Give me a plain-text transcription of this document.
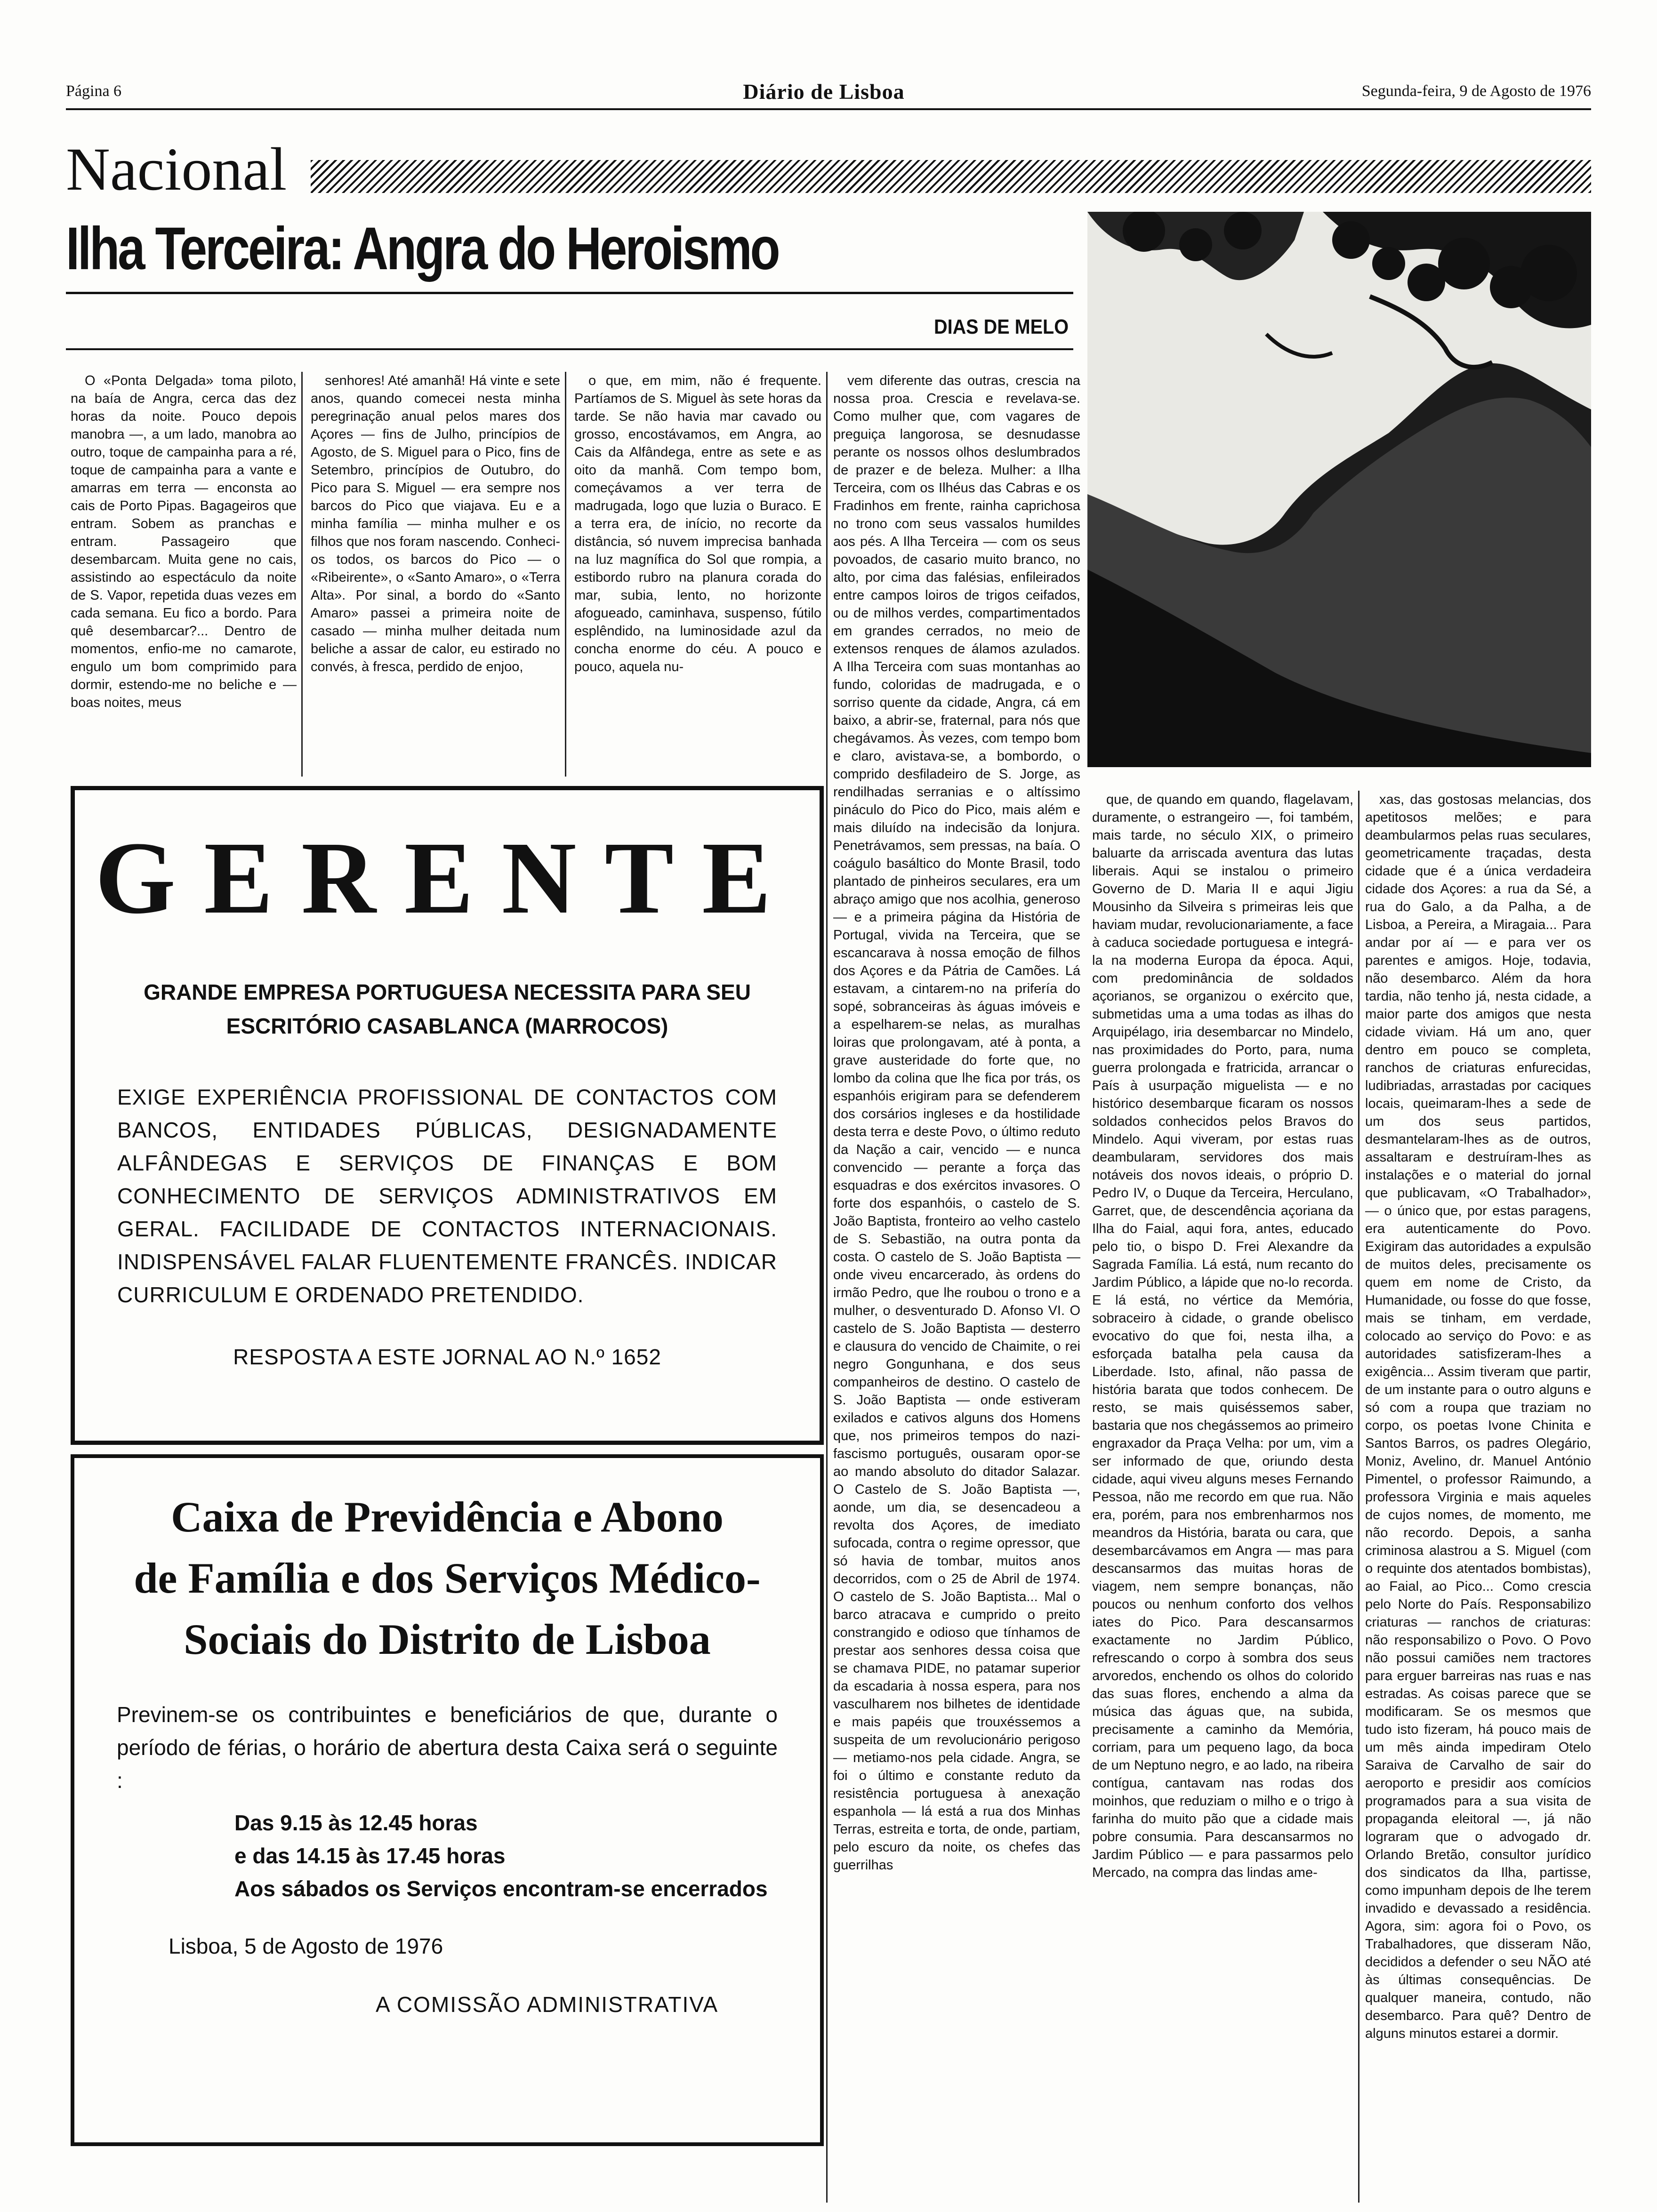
Página 6	Diário de Lisboa	Segunda-feira, 9 de Agosto de 1976
Nacional
Ilha Terceira: Angra do Heroismo
DIAS DE MELO

O «Ponta Delgada» toma piloto, na baía de Angra, cerca das dez horas da noite. Pouco depois manobra —, a um lado, manobra ao outro, toque de campainha para a ré, toque de campainha para a vante e amarras em terra — enconsta ao cais de Porto Pipas. Bagageiros que entram. Sobem as pranchas e entram. Passageiro que desembarcam. Muita gene no cais, assistindo ao espectáculo da noite de S. Vapor, repetida duas vezes em cada semana. Eu fico a bordo. Para quê desembarcar?... Dentro de momentos, enfio-me no camarote, engulo um bom comprimido para dormir, estendo-me no beliche e — boas noites, meus

senhores! Até amanhã! Há vinte e sete anos, quando comecei nesta minha peregrinação anual pelos mares dos Açores — fins de Julho, princípios de Agosto, de S. Miguel para o Pico, fins de Setembro, princípios de Outubro, do Pico para S. Miguel — era sempre nos barcos do Pico que viajava. Eu e a minha família — minha mulher e os filhos que nos foram nascendo. Conheci-os todos, os barcos do Pico — o «Ribeirente», o «Santo Amaro», o «Terra Alta». Por sinal, a bordo do «Santo Amaro» passei a primeira noite de casado — minha mulher deitada num beliche a assar de calor, eu estirado no convés, à fresca, perdido de enjoo,

o que, em mim, não é frequente. Partíamos de S. Miguel às sete horas da tarde. Se não havia mar cavado ou grosso, encostávamos, em Angra, ao Cais da Alfândega, entre as sete e as oito da manhã. Com tempo bom, começávamos a ver terra de madrugada, logo que luzia o Buraco. E a terra era, de início, no recorte da distância, só nuvem imprecisa banhada na luz magnífica do Sol que rompia, a estibordo rubro na planura corada do mar, subia, lento, no horizonte afogueado, caminhava, suspenso, fútilo esplêndido, na luminosidade azul da concha enorme do céu. A pouco e pouco, aquela nu-

vem diferente das outras, crescia na nossa proa. Crescia e revelava-se. Como mulher que, com vagares de preguiça langorosa, se desnudasse perante os nossos olhos deslumbrados de prazer e de beleza. Mulher: a Ilha Terceira, com os Ilhéus das Cabras e os Fradinhos em frente, rainha caprichosa no trono com seus vassalos humildes aos pés. A Ilha Terceira — com os seus povoados, de casario muito branco, no alto, por cima das falésias, enfileirados entre campos loiros de trigos ceifados, ou de milhos verdes, compartimentados em grandes cerrados, no meio de extensos renques de álamos azulados. A Ilha Terceira com suas montanhas ao fundo, coloridas de madrugada, e o sorriso quente da cidade, Angra, cá em baixo, a abrir-se, fraternal, para nós que chegávamos. Às vezes, com tempo bom e claro, avistava-se, a bombordo, o comprido desfiladeiro de S. Jorge, as rendilhadas serranias e o altíssimo pináculo do Pico do Pico, mais além e mais diluído na indecisão da lonjura. Penetrávamos, sem pressas, na baía. O coágulo basáltico do Monte Brasil, todo plantado de pinheiros seculares, era um abraço amigo que nos acolhia, generoso — e a primeira página da História de Portugal, vivida na Terceira, que se escancarava à nossa emoção de filhos dos Açores e da Pátria de Camões. Lá estavam, a cintarem-no na prifería do sopé, sobranceiras às águas imóveis e a espelharem-se nelas, as muralhas loiras que prolongavam, até à ponta, a grave austeridade do forte que, no lombo da colina que lhe fica por trás, os espanhóis erigiram para se defenderem dos corsários ingleses e da hostilidade desta terra e deste Povo, o último reduto da Nação a cair, vencido — e nunca convencido — perante a força das esquadras e dos exércitos invasores. O forte dos espanhóis, o castelo de S. João Baptista, fronteiro ao velho castelo de S. Sebastião, na outra ponta da costa. O castelo de S. João Baptista — onde viveu encarcerado, às ordens do irmão Pedro, que lhe roubou o trono e a mulher, o desventurado D. Afonso VI. O castelo de S. João Baptista — desterro e clausura do vencido de Chaimite, o rei negro Gongunhana, e dos seus companheiros de destino. O castelo de S. João Baptista — onde estiveram exilados e cativos alguns dos Homens que, nos primeiros tempos do nazi-fascismo português, ousaram opor-se ao mando absoluto do ditador Salazar. O Castelo de S. João Baptista —, aonde, um dia, se desencadeou a revolta dos Açores, de imediato sufocada, contra o regime opressor, que só havia de tombar, muitos anos decorridos, com o 25 de Abril de 1974. O castelo de S. João Baptista... Mal o barco atracava e cumprido o preito constrangido e odioso que tínhamos de prestar aos senhores dessa coisa que se chamava PIDE, no patamar superior da escadaria à nossa espera, para nos vasculharem nos bilhetes de identidade e mais papéis que trouxéssemos a suspeita de um revolucionário perigoso — metiamo-nos pela cidade. Angra, se foi o último e constante reduto da resistência portuguesa à anexação espanhola — lá está a rua dos Minhas Terras, estreita e torta, de onde, partiam, pelo escuro da noite, os chefes das guerrilhas

que, de quando em quando, flagelavam, duramente, o estrangeiro —, foi também, mais tarde, no século XIX, o primeiro baluarte da arriscada aventura das lutas liberais. Aqui se instalou o primeiro Governo de D. Maria II e aqui Jigiu Mousinho da Silveira s primeiras leis que haviam mudar, revolucionariamente, a face à caduca sociedade portuguesa e integrá-la na moderna Europa da época. Aqui, com predominância de soldados açorianos, se organizou o exército que, submetidas uma a uma todas as ilhas do Arquipélago, iria desembarcar no Mindelo, nas proximidades do Porto, para, numa guerra prolongada e fratricida, arrancar o País à usurpação miguelista — e no histórico desembarque ficaram os nossos soldados conhecidos pelos Bravos do Mindelo. Aqui viveram, por estas ruas deambularam, servidores dos mais notáveis dos novos ideais, o próprio D. Pedro IV, o Duque da Terceira, Herculano, Garret, que, de descendência açoriana da Ilha do Faial, aqui fora, antes, educado pelo tio, o bispo D. Frei Alexandre da Sagrada Família. Lá está, num recanto do Jardim Público, a lápide que no-lo recorda. E lá está, no vértice da Memória, sobraceiro à cidade, o grande obelisco evocativo do que foi, nesta ilha, a esforçada batalha pela causa da Liberdade. Isto, afinal, não passa de história barata que todos conhecem. De resto, se mais quiséssemos saber, bastaria que nos chegássemos ao primeiro engraxador da Praça Velha: por um, vim a ser informado de que, oriundo desta cidade, aqui viveu alguns meses Fernando Pessoa, não me recordo em que rua. Não era, porém, para nos embrenharmos nos meandros da História, barata ou cara, que desembarcávamos em Angra — mas para descansarmos das muitas horas de viagem, nem sempre bonanças, não poucos ou nenhum conforto dos velhos iates do Pico. Para descansarmos exactamente no Jardim Público, refrescando o corpo à sombra dos seus arvoredos, enchendo os olhos do colorido das suas flores, enchendo a alma da música das águas que, na subida, precisamente a caminho da Memória, corriam, para um pequeno lago, da boca de um Neptuno negro, e ao lado, na ribeira contígua, cantavam nas rodas dos moinhos, que reduziam o milho e o trigo à farinha do muito pão que a cidade mais pobre consumia. Para descansarmos no Jardim Público — e para passarmos pelo Mercado, na compra das lindas ame-

xas, das gostosas melancias, dos apetitosos melões; e para deambularmos pelas ruas seculares, geometricamente traçadas, desta cidade que é a única verdadeira cidade dos Açores: a rua da Sé, a rua do Galo, a da Palha, a de Lisboa, a Pereira, a Miragaia... Para andar por aí — e para ver os parentes e amigos. Hoje, todavia, não desembarco. Além da hora tardia, não tenho já, nesta cidade, a maior parte dos amigos que nesta cidade viviam. Há um ano, quer dentro em pouco se completa, ranchos de criaturas enfurecidas, ludibriadas, arrastadas por caciques locais, queimaram-lhes a sede de um dos seus partidos, desmantelaram-lhes as de outros, assaltaram e destruíram-lhes as instalações e o material do jornal que publicavam, «O Trabalhador», — o único que, por estas paragens, era autenticamente do Povo. Exigiram das autoridades a expulsão de muitos deles, precisamente os quem em nome de Cristo, da Humanidade, ou fosse do que fosse, mais se tinham, em verdade, colocado ao serviço do Povo: e as autoridades satisfizeram-lhes a exigência... Assim tiveram que partir, de um instante para o outro alguns e só com a roupa que traziam no corpo, os poetas Ivone Chinita e Santos Barros, os padres Olegário, Moniz, Avelino, dr. Manuel António Pimentel, o professor Raimundo, a professora Virginia e mais aqueles de cujos nomes, de momento, me não recordo. Depois, a sanha criminosa alastrou a S. Miguel (com o requinte dos atentados bombistas), ao Faial, ao Pico... Como crescia pelo Norte do País. Responsabilizo criaturas — ranchos de criaturas: não responsabilizo o Povo. O Povo não possui camiões nem tractores para erguer barreiras nas ruas e nas estradas. As coisas parece que se modificaram. Se os mesmos que tudo isto fizeram, há pouco mais de um mês ainda impediram Otelo Saraiva de Carvalho de sair do aeroporto e presidir aos comícios programados para a sua visita de propaganda eleitoral —, já não lograram que o advogado dr. Orlando Bretão, consultor jurídico dos sindicatos da Ilha, partisse, como impunham depois de lhe terem invadido e devassado a residência. Agora, sim: agora foi o Povo, os Trabalhadores, que disseram Não, decididos a defender o seu NÃO até às últimas consequências. De qualquer maneira, contudo, não desembarco. Para quê? Dentro de alguns minutos estarei a dormir.

GERENTE
GRANDE EMPRESA PORTUGUESA NECESSITA PARA SEU ESCRITÓRIO CASABLANCA (MARROCOS)
EXIGE EXPERIÊNCIA PROFISSIONAL DE CONTACTOS COM BANCOS, ENTIDADES PÚBLICAS, DESIGNADAMENTE ALFÂNDEGAS E SERVIÇOS DE FINANÇAS E BOM CONHECIMENTO DE SERVIÇOS ADMINISTRATIVOS EM GERAL. FACILIDADE DE CONTACTOS INTERNACIONAIS. INDISPENSÁVEL FALAR FLUENTEMENTE FRANCÊS. INDICAR CURRICULUM E ORDENADO PRETENDIDO.
RESPOSTA A ESTE JORNAL AO N.º 1652
Caixa de Previdência e Abono
de Família e dos Serviços Médico-
Sociais do Distrito de Lisboa
Previnem-se os contribuintes e beneficiários de que, durante o período de férias, o horário de abertura desta Caixa será o seguinte :
Das 9.15 às 12.45 horas
e das 14.15 às 17.45 horas
Aos sábados os Serviços encontram-se encerrados
Lisboa, 5 de Agosto de 1976
A COMISSÃO ADMINISTRATIVA
